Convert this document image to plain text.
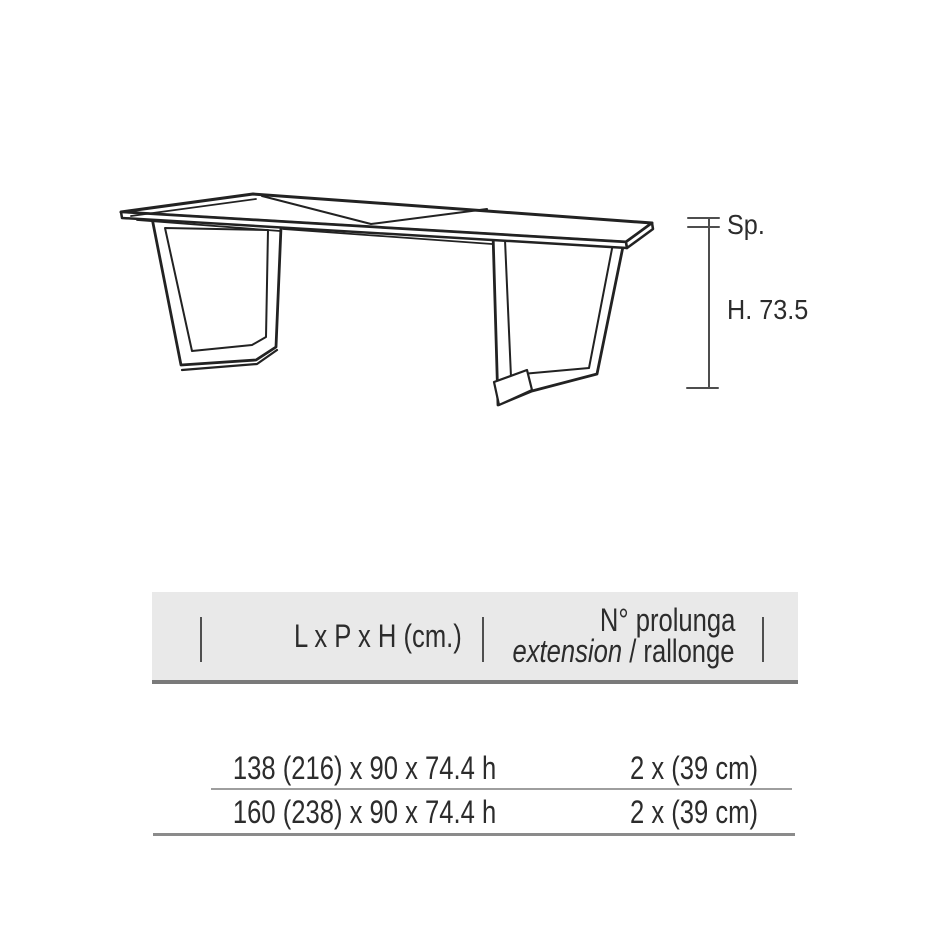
Sp.
H. 73.5
L x P x H (cm.)	N° prolunga
extension / rallonge
138 (216) x 90 x 74.4 h	2 x (39 cm)
160 (238) x 90 x 74.4 h	2 x (39 cm)
